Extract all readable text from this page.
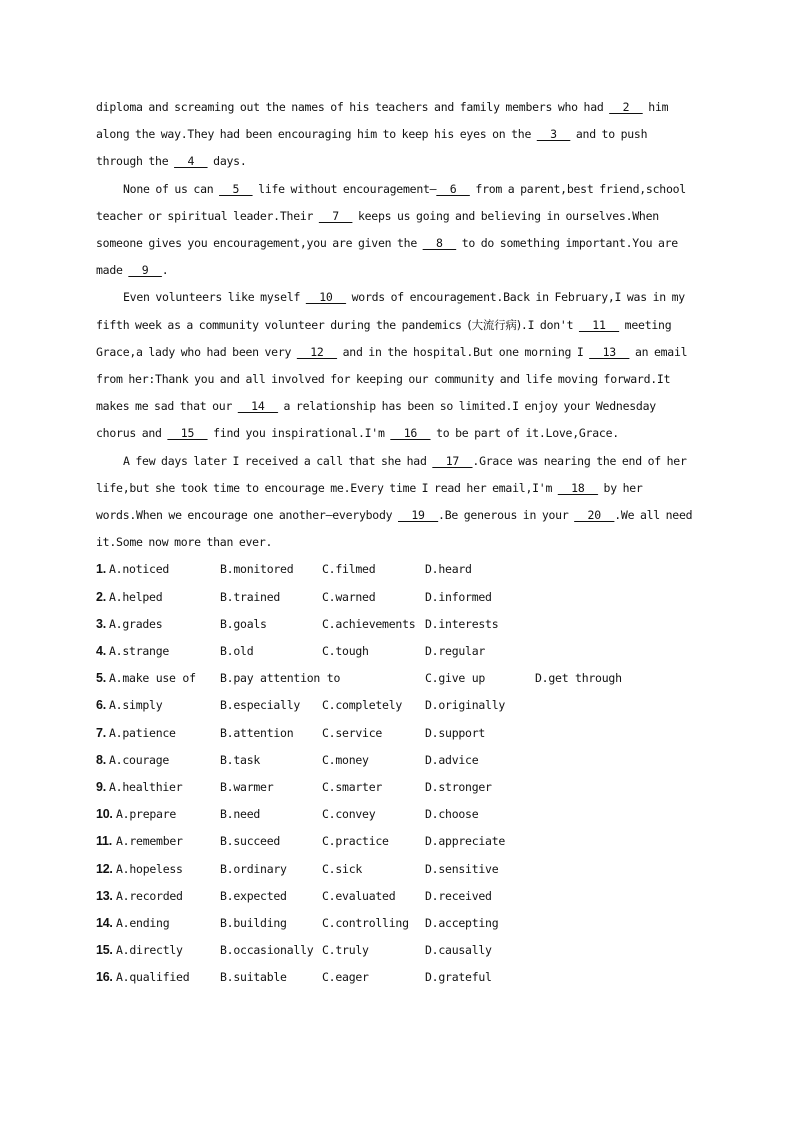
diploma and screaming out the names of his teachers and family members who had __2__ him along the way.They had been encouraging him to keep his eyes on the __3__ and to push through the __4__ days.

None of us can __5__ life without encouragement—__6__ from a parent,best friend,school teacher or spiritual leader.Their __7__ keeps us going and believing in ourselves.When someone gives you encouragement,you are given the __8__ to do something important.You are made __9__.

Even volunteers like myself __10__ words of encouragement.Back in February,I was in my fifth week as a community volunteer during the pandemics (大流行病).I don't __11__ meeting Grace,a lady who had been very __12__ and in the hospital.But one morning I __13__ an email from her:Thank you and all involved for keeping our community and life moving forward.It makes me sad that our __14__ a relationship has been so limited.I enjoy your Wednesday chorus and __15__ find you inspirational.I'm __16__ to be part of it.Love,Grace.

A few days later I received a call that she had __17__.Grace was nearing the end of her life,but she took time to encourage me.Every time I read her email,I'm __18__ by her words.When we encourage one another—everybody __19__.Be generous in your __20__.We all need it.Some now more than ever.

1. A.noticed	B.monitored C.filmed	D.heard
2. A.helped	B.trained	C.warned	D.informed
3. A.grades	B.goals	C.achievements D.interests
4. A.strange	B.old	C.tough	D.regular
5. A.make use of B.pay attention to	C.give up	D.get through
6. A.simply	B.especially C.completely D.originally
7. A.patience	B.attention C.service	D.support
8. A.courage	B.task	C.money	D.advice
9. A.healthier	B.warmer	C.smarter	D.stronger
10. A.prepare	B.need	C.convey	D.choose
11. A.remember	B.succeed	C.practice	D.appreciate
12. A.hopeless	B.ordinary	C.sick	D.sensitive
13. A.recorded	B.expected	C.evaluated	D.received
14. A.ending	B.building	C.controlling D.accepting
15. A.directly	B.occasionally C.truly	D.causally
16. A.qualified	B.suitable	C.eager	D.grateful
